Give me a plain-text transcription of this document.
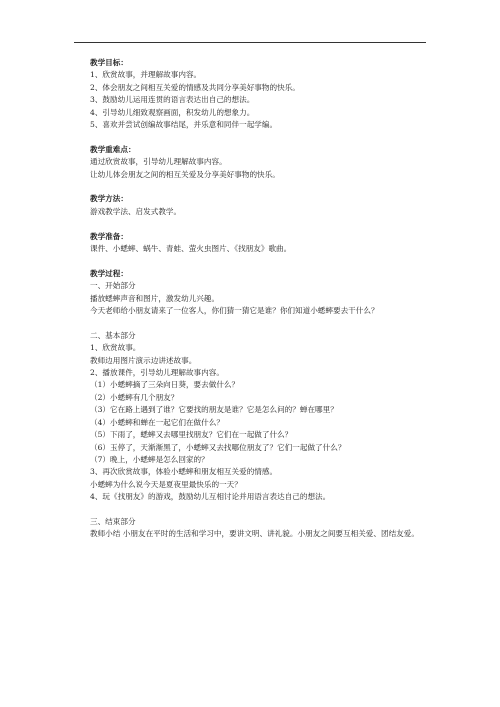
教学目标：
1、欣赏故事，并理解故事内容。
2、体会朋友之间相互关爱的情感及共同分享美好事物的快乐。
3、鼓励幼儿运用连贯的语言表达出自己的想法。
4、引导幼儿细致观察画面，积发幼儿的想象力。
5、喜欢并尝试创编故事结尾，并乐意和同伴一起学编。
教学重难点：
通过欣赏故事，引导幼儿理解故事内容。
让幼儿体会朋友之间的相互关爱及分享美好事物的快乐。
教学方法：
游戏教学法、启发式教学。
教学准备：
课件、小蟋蟀、蜗牛、青蛙、萤火虫图片、《找朋友》歌曲。
教学过程：
一、开始部分
播放蟋蟀声音和图片，激发幼儿兴趣。
今天老师给小朋友请来了一位客人，你们猜一猜它是谁？你们知道小蟋蟀要去干什么？
二、基本部分
1、欣赏故事。
教师边用图片演示边讲述故事。
2、播放课件，引导幼儿理解故事内容。
（1）小蟋蟀摘了三朵向日葵，要去做什么？
（2）小蟋蟀有几个朋友？
（3）它在路上遇到了谁？它要找的朋友是谁？它是怎么问的？蝉在哪里？
（4）小蟋蟀和蝉在一起它们在做什么？
（5）下雨了，蟋蟀又去哪里找朋友？它们在一起做了什么？
（6）玉停了，天渐渐黑了，小蟋蟀又去找哪位朋友了？它们一起做了什么？
（7）晚上，小蟋蟀是怎么回家的？
3、再次欣赏故事，体验小蟋蟀和朋友相互关爱的情感。
小蟋蟀为什么说今天是夏夜里最快乐的一天？
4、玩《找朋友》的游戏，鼓励幼儿互相讨论并用语言表达自己的想法。
三、结束部分
教师小结 小朋友在平时的生活和学习中，要讲文明、讲礼貌。小朋友之间要互相关爱、团结友爱。
